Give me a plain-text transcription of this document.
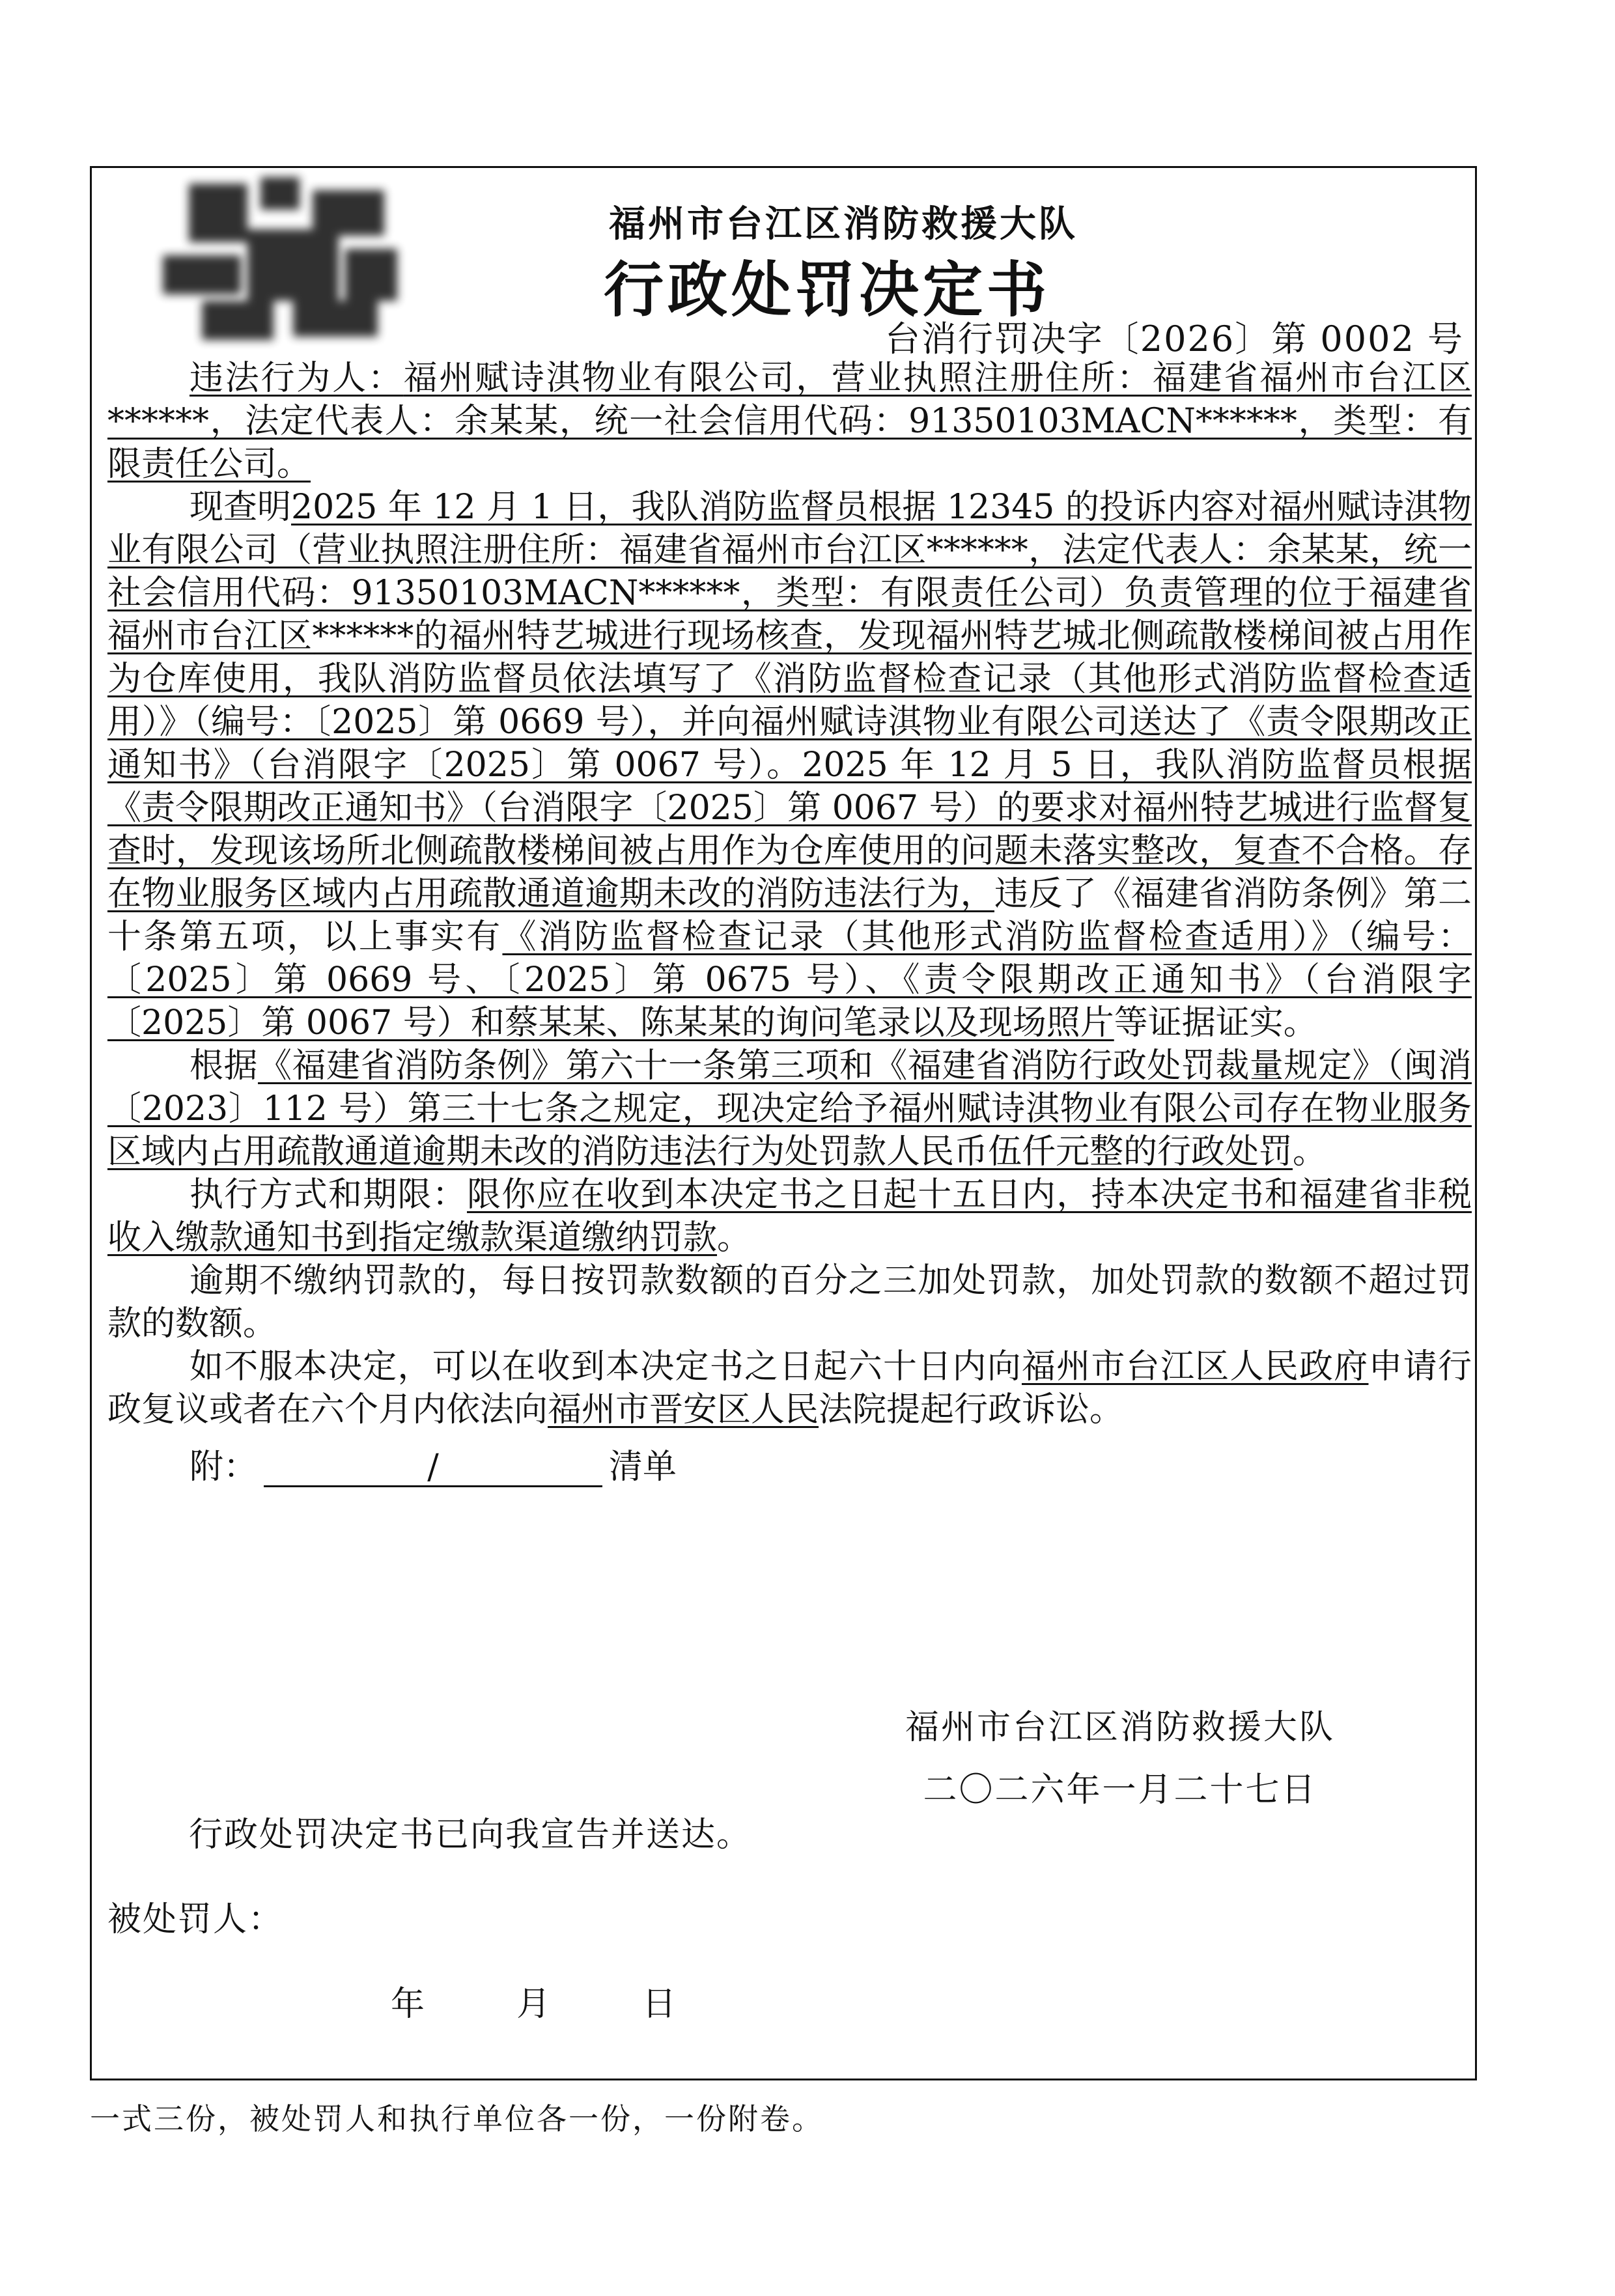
福州市台江区消防救援大队
行政处罚决定书
台消行罚决字〔2026〕第 0002 号

违法行为人：福州赋诗淇物业有限公司，营业执照注册住所：福建省福州市台江区******，法定代表人：余某某，统一社会信用代码：91350103MACN******，类型：有限责任公司。

现查明2025 年 12 月 1 日，我队消防监督员根据 12345 的投诉内容对福州赋诗淇物业有限公司（营业执照注册住所：福建省福州市台江区******，法定代表人：余某某，统一社会信用代码：91350103MACN******，类型：有限责任公司）负责管理的位于福建省福州市台江区******的福州特艺城进行现场核查，发现福州特艺城北侧疏散楼梯间被占用作为仓库使用，我队消防监督员依法填写了《消防监督检查记录（其他形式消防监督检查适用）》（编号：〔2025〕第 0669 号），并向福州赋诗淇物业有限公司送达了《责令限期改正通知书》（台消限字〔2025〕第 0067 号）。2025 年 12 月 5 日，我队消防监督员根据《责令限期改正通知书》（台消限字〔2025〕第 0067 号）的要求对福州特艺城进行监督复查时，发现该场所北侧疏散楼梯间被占用作为仓库使用的问题未落实整改，复查不合格。存在物业服务区域内占用疏散通道逾期未改的消防违法行为，违反了《福建省消防条例》第二十条第五项，以上事实有《消防监督检查记录（其他形式消防监督检查适用）》（编号：〔2025〕第 0669 号、〔2025〕第 0675 号）、《责令限期改正通知书》（台消限字〔2025〕第 0067 号）和蔡某某、陈某某的询问笔录以及现场照片等证据证实。

根据《福建省消防条例》第六十一条第三项和《福建省消防行政处罚裁量规定》（闽消〔2023〕112 号）第三十七条之规定，现决定给予福州赋诗淇物业有限公司存在物业服务区域内占用疏散通道逾期未改的消防违法行为处罚款人民币伍仟元整的行政处罚。

执行方式和期限：限你应在收到本决定书之日起十五日内，持本决定书和福建省非税收入缴款通知书到指定缴款渠道缴纳罚款。

逾期不缴纳罚款的，每日按罚款数额的百分之三加处罚款，加处罚款的数额不超过罚款的数额。

如不服本决定，可以在收到本决定书之日起六十日内向福州市台江区人民政府申请行政复议或者在六个月内依法向福州市晋安区人民法院提起行政诉讼。

附：	/	清单

福州市台江区消防救援大队
二〇二六年一月二十七日
行政处罚决定书已向我宣告并送达。
被处罚人：
年	月	日
一式三份，被处罚人和执行单位各一份，一份附卷。
